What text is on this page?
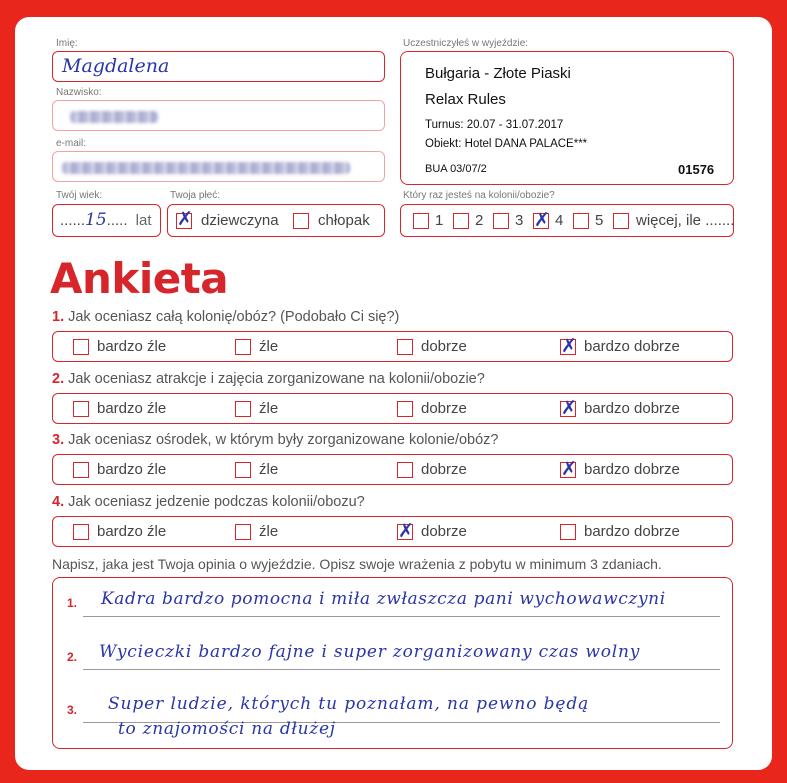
Imię:
Magdalena
Nazwisko:
e-mail:
Twój wiek:
......15..... lat
Twoja płeć:
✗ dziewczyna	chłopak
Uczestniczyłeś w wyjeździe:
Bułgaria - Złote Piaski
Relax Rules
Turnus: 20.07 - 31.07.2017
Obiekt: Hotel DANA PALACE***
BUA 03/07/2	01576
Który raz jesteś na kolonii/obozie?
1 2 3 ✗ 4 5 więcej, ile .......
Ankieta
1. Jak oceniasz całą kolonię/obóz? (Podobało Ci się?)
bardzo źle	źle	dobrze	✗ bardzo dobrze
2. Jak oceniasz atrakcje i zajęcia zorganizowane na kolonii/obozie?
bardzo źle	źle	dobrze	✗ bardzo dobrze
3. Jak oceniasz ośrodek, w którym były zorganizowane kolonie/obóz?
bardzo źle	źle	dobrze	✗ bardzo dobrze
4. Jak oceniasz jedzenie podczas kolonii/obozu?
bardzo źle	źle	✗ dobrze	bardzo dobrze
Napisz, jaka jest Twoja opinia o wyjeździe. Opisz swoje wrażenia z pobytu w minimum 3 zdaniach.
1.
2.
3.
Kadra bardzo pomocna i miła zwłaszcza pani wychowawczyni
Wycieczki bardzo fajne i super zorganizowany czas wolny
Super ludzie, których tu poznałam, na pewno będą
to znajomości na dłużej
